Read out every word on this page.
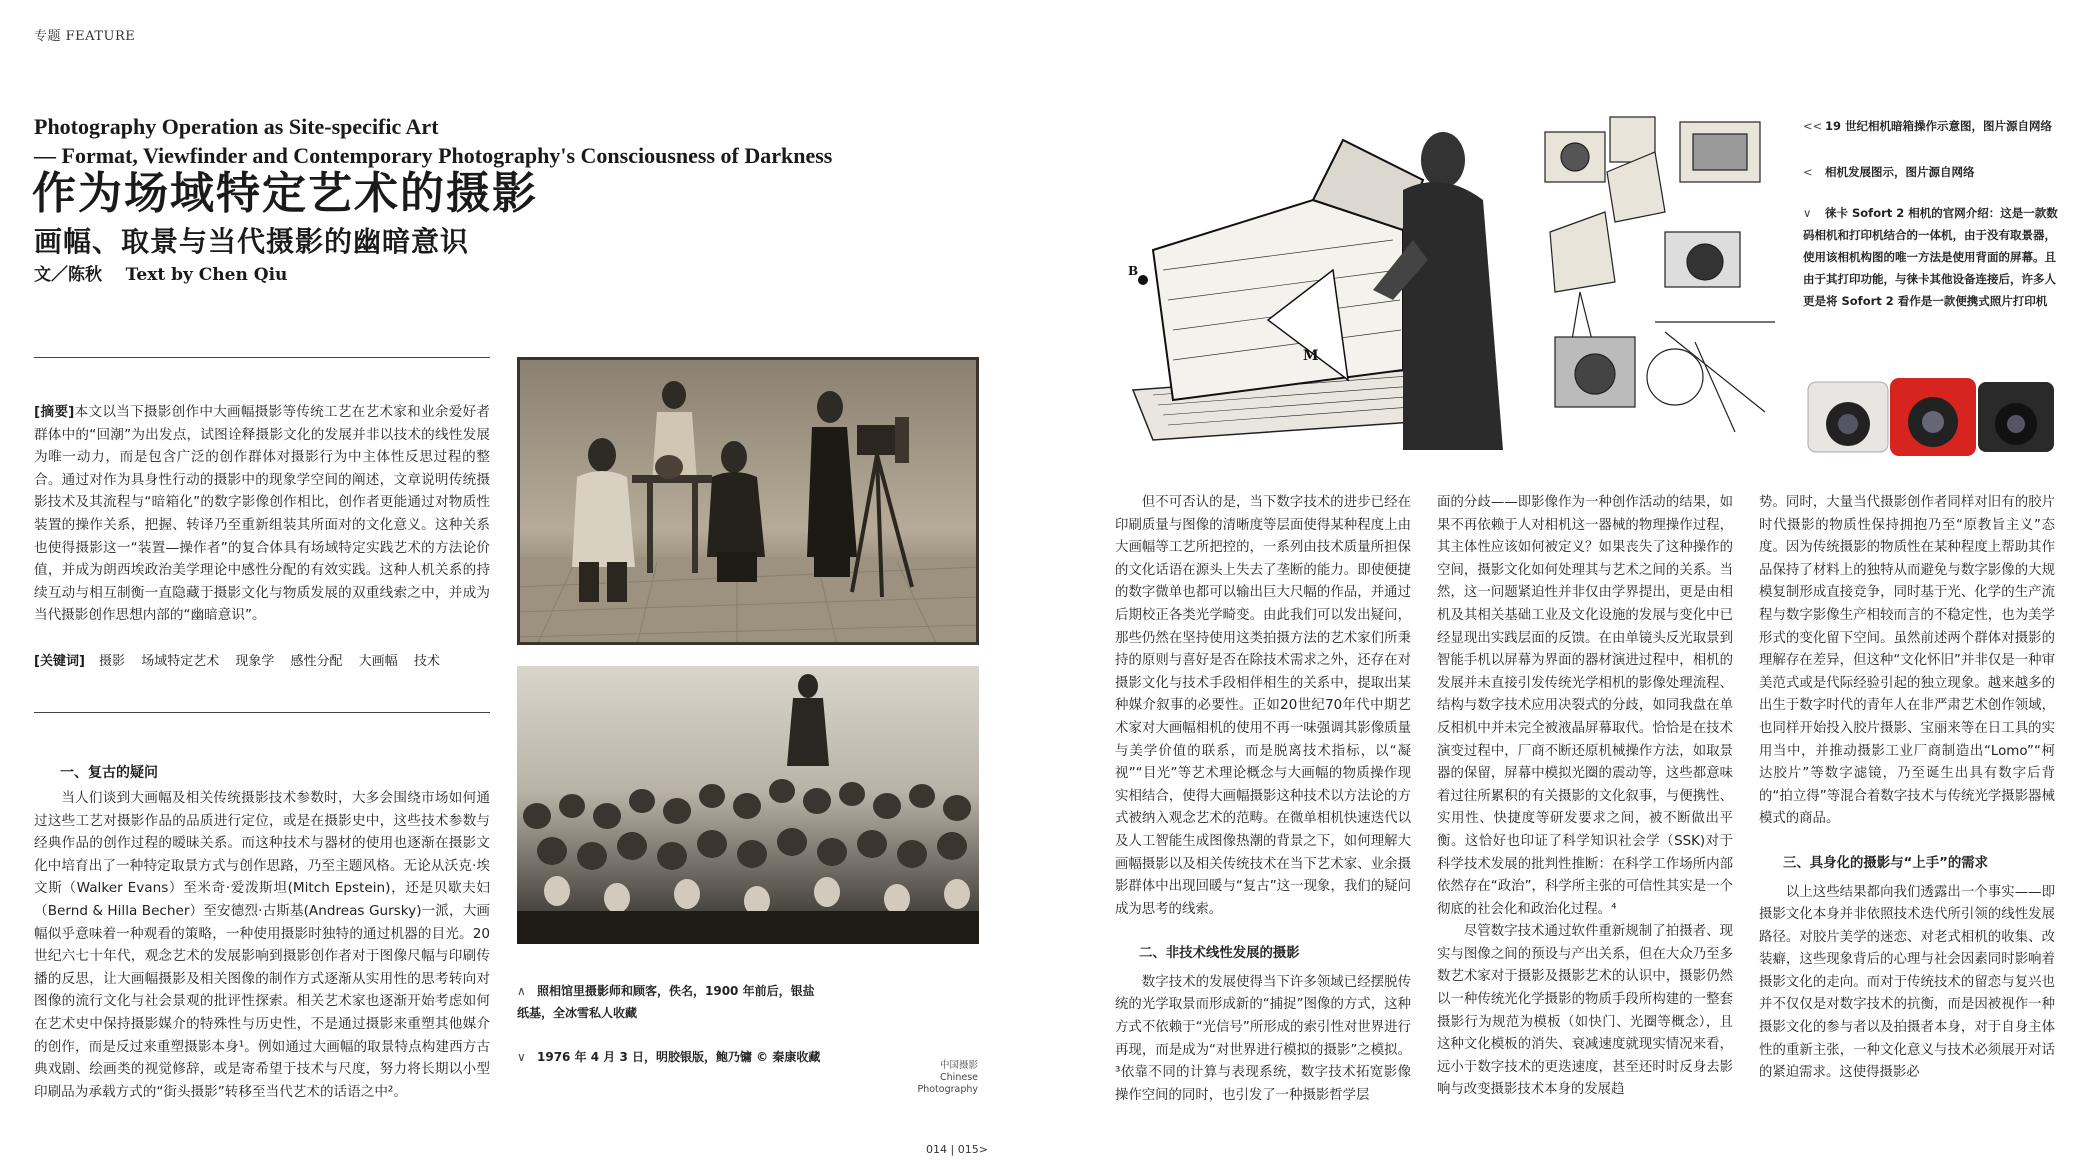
专题 FEATURE
Photography Operation as Site-specific Art
— Format, Viewfinder and Contemporary Photography's Consciousness of Darkness
作为场域特定艺术的摄影
画幅、取景与当代摄影的幽暗意识
文／陈秋    Text by Chen Qiu
[摘要]本文以当下摄影创作中大画幅摄影等传统工艺在艺术家和业余爱好者群体中的“回潮”为出发点，试图诠释摄影文化的发展并非以技术的线性发展为唯一动力，而是包含广泛的创作群体对摄影行为中主体性反思过程的整合。通过对作为具身性行动的摄影中的现象学空间的阐述，文章说明传统摄影技术及其流程与“暗箱化”的数字影像创作相比，创作者更能通过对物质性装置的操作关系，把握、转译乃至重新组装其所面对的文化意义。这种关系也使得摄影这一“装置—操作者”的复合体具有场域特定实践艺术的方法论价值，并成为朗西埃政治美学理论中感性分配的有效实践。这种人机关系的持续互动与相互制衡一直隐藏于摄影文化与物质发展的双重线索之中，并成为当代摄影创作思想内部的“幽暗意识”。
[关键词] 摄影 场域特定艺术 现象学 感性分配 大画幅 技术
一、复古的疑问

当人们谈到大画幅及相关传统摄影技术参数时，大多会围绕市场如何通过这些工艺对摄影作品的品质进行定位，或是在摄影史中，这些技术参数与经典作品的创作过程的暧昧关系。而这种技术与器材的使用也逐渐在摄影文化中培育出了一种特定取景方式与创作思路，乃至主题风格。无论从沃克·埃文斯（Walker Evans）至米奇·爱泼斯坦(Mitch Epstein)，还是贝歇夫妇（Bernd & Hilla Becher）至安德烈·古斯基(Andreas Gursky)一派，大画幅似乎意味着一种观看的策略，一种使用摄影时独特的通过机器的目光。20世纪六七十年代，观念艺术的发展影响到摄影创作者对于图像尺幅与印刷传播的反思，让大画幅摄影及相关图像的制作方式逐渐从实用性的思考转向对图像的流行文化与社会景观的批评性探索。相关艺术家也逐渐开始考虑如何在艺术史中保持摄影媒介的特殊性与历史性，不是通过摄影来重塑其他媒介的创作，而是反过来重塑摄影本身¹。例如通过大画幅的取景特点构建西方古典戏剧、绘画类的视觉修辞，或是寄希望于技术与尺度，努力将长期以小型印刷品为承载方式的“街头摄影”转移至当代艺术的话语之中²。

∧ 照相馆里摄影师和顾客，佚名，1900 年前后，银盐纸基，全冰雪私人收藏
∨ 1976 年 4 月 3 日，明胶银版，鲍乃镛 © 秦康收藏
中国摄影
Chinese
Photography
014 | 015>
M
B
<< 19 世纪相机暗箱操作示意图，图片源自网络
< 相机发展图示，图片源自网络
∨ 徕卡 Sofort 2 相机的官网介绍：这是一款数码相机和打印机结合的一体机，由于没有取景器，使用该相机构图的唯一方法是使用背面的屏幕。且由于其打印功能，与徕卡其他设备连接后，许多人更是将 Sofort 2 看作是一款便携式照片打印机

但不可否认的是，当下数字技术的进步已经在印刷质量与图像的清晰度等层面使得某种程度上由大画幅等工艺所把控的，一系列由技术质量所担保的文化话语在源头上失去了垄断的能力。即使便捷的数字微单也都可以输出巨大尺幅的作品，并通过后期校正各类光学畸变。由此我们可以发出疑问，那些仍然在坚持使用这类拍摄方法的艺术家们所秉持的原则与喜好是否在除技术需求之外，还存在对摄影文化与技术手段相伴相生的关系中，提取出某种媒介叙事的必要性。正如20世纪70年代中期艺术家对大画幅相机的使用不再一味强调其影像质量与美学价值的联系，而是脱离技术指标，以“凝视”“目光”等艺术理论概念与大画幅的物质操作现实相结合，使得大画幅摄影这种技术以方法论的方式被纳入观念艺术的范畴。在微单相机快速迭代以及人工智能生成图像热潮的背景之下，如何理解大画幅摄影以及相关传统技术在当下艺术家、业余摄影群体中出现回暖与“复古”这一现象，我们的疑问成为思考的线索。

二、非技术线性发展的摄影

数字技术的发展使得当下许多领域已经摆脱传统的光学取景而形成新的“捕捉”图像的方式，这种方式不依赖于“光信号”所形成的索引性对世界进行再现，而是成为“对世界进行模拟的摄影”之模拟。³依靠不同的计算与表现系统，数字技术拓宽影像操作空间的同时，也引发了一种摄影哲学层

面的分歧——即影像作为一种创作活动的结果，如果不再依赖于人对相机这一器械的物理操作过程，其主体性应该如何被定义？如果丧失了这种操作的空间，摄影文化如何处理其与艺术之间的关系。当然，这一问题紧迫性并非仅由学界提出，更是由相机及其相关基础工业及文化设施的发展与变化中已经显现出实践层面的反馈。在由单镜头反光取景到智能手机以屏幕为界面的器材演进过程中，相机的发展并未直接引发传统光学相机的影像处理流程、结构与数字技术应用决裂式的分歧，如同我盘在单反相机中并未完全被液晶屏幕取代。恰恰是在技术演变过程中，厂商不断还原机械操作方法，如取景器的保留，屏幕中模拟光圈的震动等，这些都意味着过往所累积的有关摄影的文化叙事，与便携性、实用性、快捷度等研发要求之间，被不断做出平衡。这恰好也印证了科学知识社会学（SSK)对于科学技术发展的批判性推断：在科学工作场所内部依然存在“政治”，科学所主张的可信性其实是一个彻底的社会化和政治化过程。⁴

尽管数字技术通过软件重新规制了拍摄者、现实与图像之间的预设与产出关系，但在大众乃至多数艺术家对于摄影及摄影艺术的认识中，摄影仍然以一种传统光化学摄影的物质手段所构建的一整套摄影行为规范为模板（如快门、光圈等概念），且这种文化模板的消失、衰减速度就现实情况来看，远小于数字技术的更迭速度，甚至还时时反身去影响与改变摄影技术本身的发展趋

势。同时，大量当代摄影创作者同样对旧有的胶片时代摄影的物质性保持拥抱乃至“原教旨主义”态度。因为传统摄影的物质性在某种程度上帮助其作品保持了材料上的独特从而避免与数字影像的大规模复制形成直接竞争，同时基于光、化学的生产流程与数字影像生产相较而言的不稳定性，也为美学形式的变化留下空间。虽然前述两个群体对摄影的理解存在差异，但这种“文化怀旧”并非仅是一种审美范式或是代际经验引起的独立现象。越来越多的出生于数字时代的青年人在非严肃艺术创作领域，也同样开始投入胶片摄影、宝丽来等在日工具的实用当中，并推动摄影工业厂商制造出“Lomo”“柯达胶片”等数字滤镜，乃至诞生出具有数字后背的“拍立得”等混合着数字技术与传统光学摄影器械模式的商品。

三、具身化的摄影与“上手”的需求

以上这些结果都向我们透露出一个事实——即摄影文化本身并非依照技术迭代所引领的线性发展路径。对胶片美学的迷恋、对老式相机的收集、改装癖，这些现象背后的心理与社会因素同时影响着摄影文化的走向。而对于传统技术的留恋与复兴也并不仅仅是对数字技术的抗衡，而是因被视作一种摄影文化的参与者以及拍摄者本身，对于自身主体性的重新主张，一种文化意义与技术必须展开对话的紧迫需求。这使得摄影必
